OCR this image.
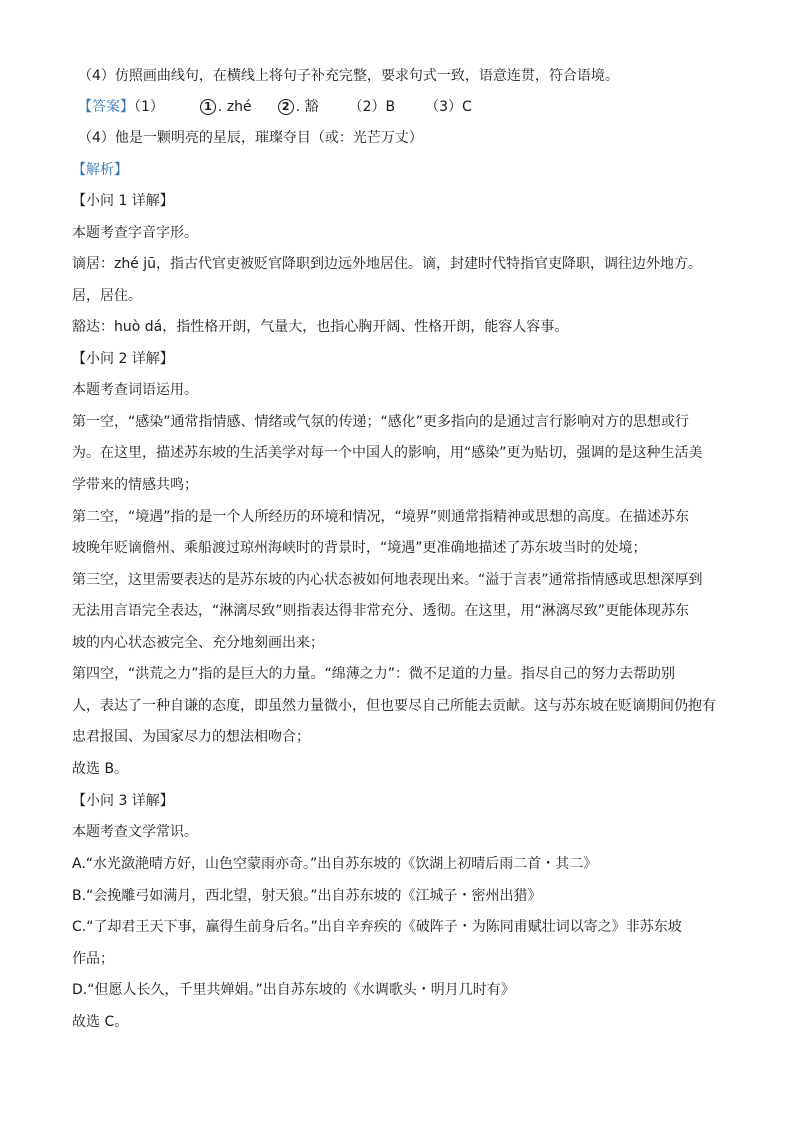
（4）仿照画曲线句，在横线上将句子补充完整，要求句式一致，语意连贯，符合语境。
【答案】（1）	1 . zhé	2 . 豁 （2）B （3）C
（4）他是一颗明亮的星辰，璀璨夺目（或：光芒万丈）
【解析】
【小问 1 详解】
本题考查字音字形。
谪居：zhé jū，指古代官吏被贬官降职到边远外地居住。谪，封建时代特指官吏降职，调往边外地方。
居，居住。
豁达：huò dá，指性格开朗，气量大，也指心胸开阔、性格开朗，能容人容事。
【小问 2 详解】
本题考查词语运用。
第一空，“感染”通常指情感、情绪或气氛的传递；“感化”更多指向的是通过言行影响对方的思想或行
为。在这里，描述苏东坡的生活美学对每一个中国人的影响，用“感染”更为贴切，强调的是这种生活美
学带来的情感共鸣；
第二空，“境遇”指的是一个人所经历的环境和情况，“境界”则通常指精神或思想的高度。在描述苏东
坡晚年贬谪儋州、乘船渡过琼州海峡时的背景时，“境遇”更准确地描述了苏东坡当时的处境；
第三空，这里需要表达的是苏东坡的内心状态被如何地表现出来。“溢于言表”通常指情感或思想深厚到
无法用言语完全表达，“淋漓尽致”则指表达得非常充分、透彻。在这里，用“淋漓尽致”更能体现苏东
坡的内心状态被完全、充分地刻画出来；
第四空，“洪荒之力”指的是巨大的力量。“绵薄之力”：微不足道的力量。指尽自己的努力去帮助别
人，表达了一种自谦的态度，即虽然力量微小，但也要尽自己所能去贡献。这与苏东坡在贬谪期间仍抱有
忠君报国、为国家尽力的想法相吻合；
故选 B。
【小问 3 详解】
本题考查文学常识。
A.“水光潋滟晴方好，山色空蒙雨亦奇。”出自苏东坡的《饮湖上初晴后雨二首・其二》
B.“会挽雕弓如满月，西北望，射天狼。”出自苏东坡的《江城子・密州出猎》
C.“了却君王天下事，赢得生前身后名。”出自辛弃疾的《破阵子・为陈同甫赋壮词以寄之》非苏东坡
作品；
D.“但愿人长久，千里共婵娟。”出自苏东坡的《水调歌头・明月几时有》
故选 C。
